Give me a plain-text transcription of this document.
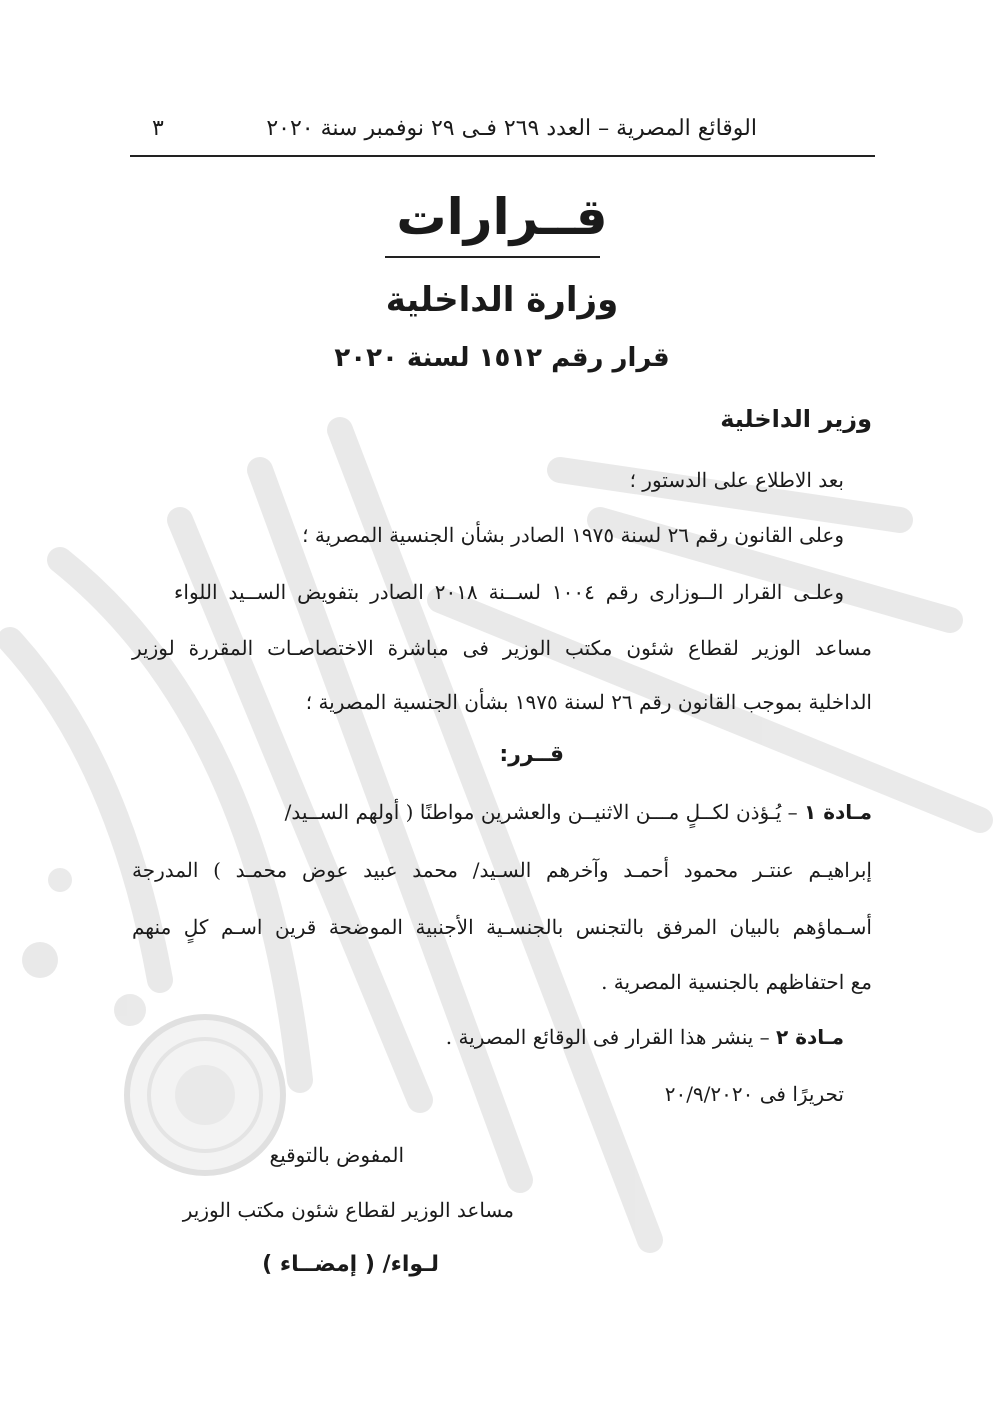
الوقائع المصرية – العدد ٢٦٩ فـى ٢٩ نوفمبر سنة ٢٠٢٠
٣
قــرارات
وزارة الداخلية
قرار رقم ١٥١٢ لسنة ٢٠٢٠
وزير الداخلية
بعد الاطلاع على الدستور ؛
وعلى القانون رقم ٢٦ لسنة ١٩٧٥ الصادر بشأن الجنسية المصرية ؛
وعلـى القرار الــوزارى رقم ١٠٠٤ لســنة ٢٠١٨ الصادر بتفويض الســيد اللواء
مساعد الوزير لقطاع شئون مكتب الوزير فى مباشرة الاختصاصـات المقررة لوزير
الداخلية بموجب القانون رقم ٢٦ لسنة ١٩٧٥ بشأن الجنسية المصرية ؛
قــرر:
مـادة ١ – يُـؤذن لكــلٍ مـــن الاثنيــن والعشرين مواطنًا ( أولهم الســيد/
إبراهيـم عنتـر محمود أحمـد وآخرهم السـيد/ محمد عبيد عوض محمـد ) المدرجة
أسـماؤهم بالبيان المرفق بالتجنس بالجنسـية الأجنبية الموضحة قرين اسـم كلٍ منهم
مع احتفاظهم بالجنسية المصرية .
مـادة ٢ – ينشر هذا القرار فى الوقائع المصرية .
تحريرًا فى ٢٠/٩/٢٠٢٠
المفوض بالتوقيع
مساعد الوزير لقطاع شئون مكتب الوزير
لـواء/ ( إمضــاء )
